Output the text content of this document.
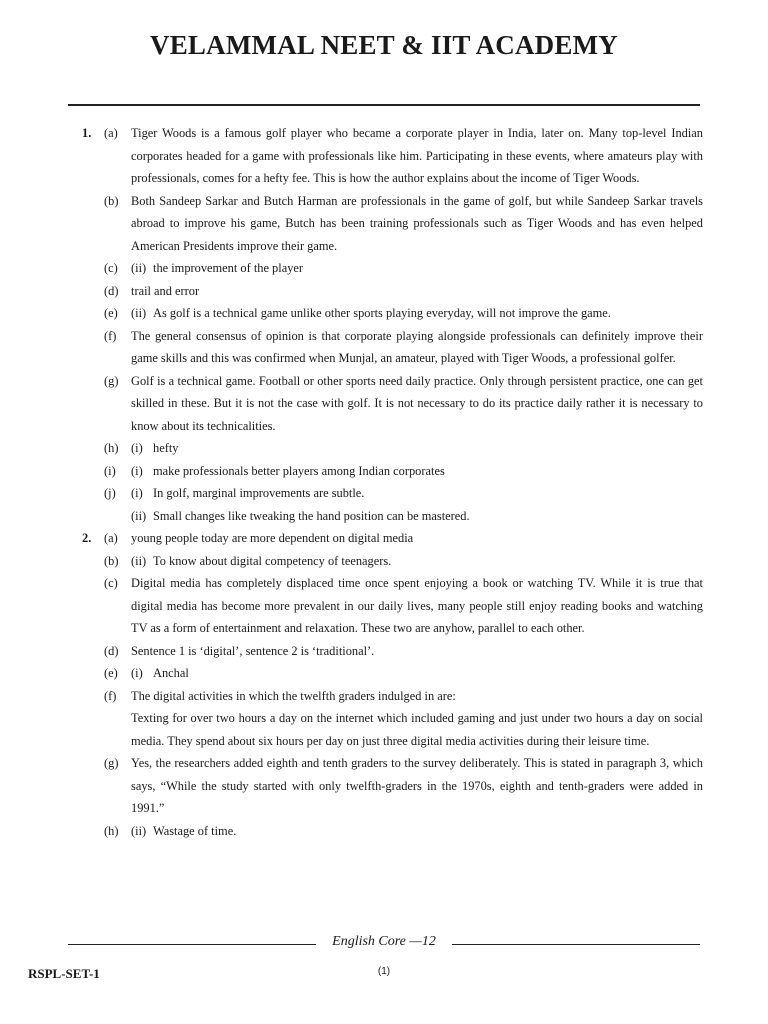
VELAMMAL NEET & IIT ACADEMY
1. (a)	Tiger Woods is a famous golf player who became a corporate player in India, later on. Many top-level Indian corporates headed for a game with professionals like him. Participating in these events, where amateurs play with professionals, comes for a hefty fee. This is how the author explains about the income of Tiger Woods.
(b)	Both Sandeep Sarkar and Butch Harman are professionals in the game of golf, but while Sandeep Sarkar travels abroad to improve his game, Butch has been training professionals such as Tiger Woods and has even helped American Presidents improve their game.
(c)	(ii) the improvement of the player
(d)	trail and error
(e)	(ii) As golf is a technical game unlike other sports playing everyday, will not improve the game.
(f)	The general consensus of opinion is that corporate playing alongside professionals can definitely improve their game skills and this was confirmed when Munjal, an amateur, played with Tiger Woods, a professional golfer.
(g)	Golf is a technical game. Football or other sports need daily practice. Only through persistent practice, one can get skilled in these. But it is not the case with golf. It is not necessary to do its practice daily rather it is necessary to know about its technicalities.
(h)	(i) hefty
(i)	(i) make professionals better players among Indian corporates
(j)	(i) In golf, marginal improvements are subtle.
(ii) Small changes like tweaking the hand position can be mastered.
2. (a)	young people today are more dependent on digital media
(b)	(ii) To know about digital competency of teenagers.
(c)	Digital media has completely displaced time once spent enjoying a book or watching TV. While it is true that digital media has become more prevalent in our daily lives, many people still enjoy reading books and watching TV as a form of entertainment and relaxation. These two are anyhow, parallel to each other.
(d)	Sentence 1 is ‘digital’, sentence 2 is ‘traditional’.
(e)	(i) Anchal
(f)	The digital activities in which the twelfth graders indulged in are:
Texting for over two hours a day on the internet which included gaming and just under two hours a day on social media. They spend about six hours per day on just three digital media activities during their leisure time.
(g)	Yes, the researchers added eighth and tenth graders to the survey deliberately. This is stated in paragraph 3, which says, “While the study started with only twelfth-graders in the 1970s, eighth and tenth-graders were added in 1991.”
(h)	(ii) Wastage of time.
English Core —12
(1)
RSPL-SET-1
